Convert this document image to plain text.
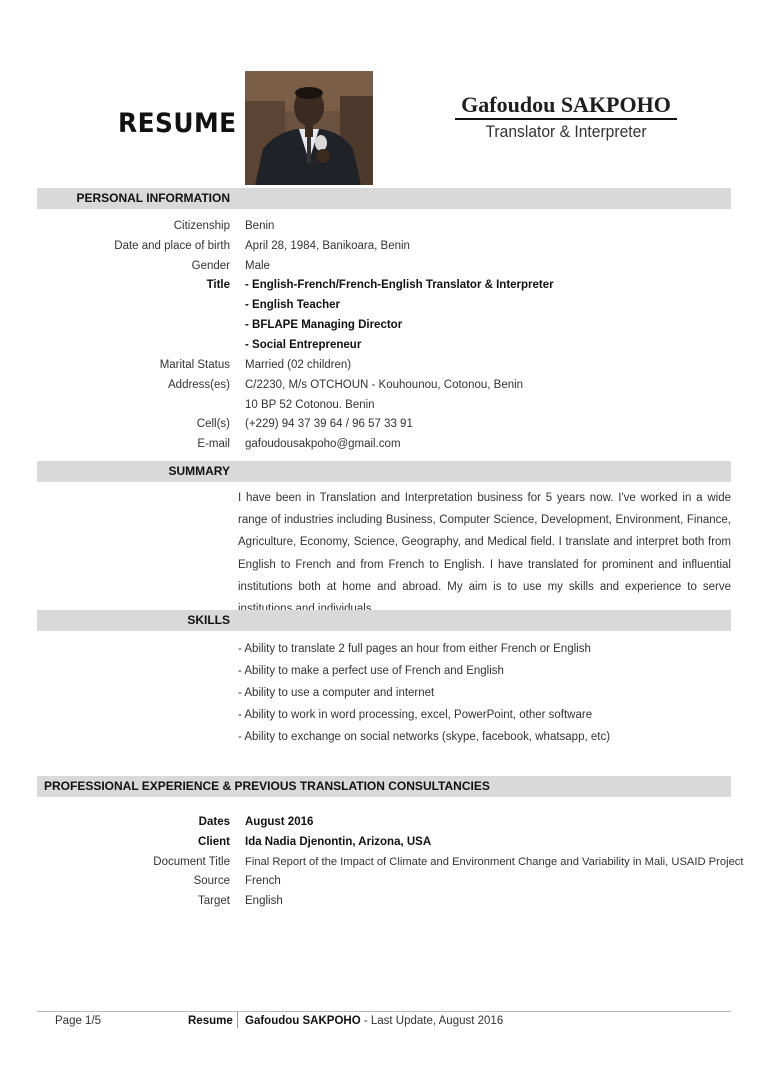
RESUME
Gafoudou SAKPOHO
Translator & Interpreter
PERSONAL INFORMATION
Citizenship Benin
Date and place of birth April 28, 1984, Banikoara, Benin
Gender Male
Title - English-French/French-English Translator & Interpreter
- English Teacher
- BFLAPE Managing Director
- Social Entrepreneur
Marital Status Married (02 children)
Address(es) C/2230, M/s OTCHOUN - Kouhounou, Cotonou, Benin
10 BP 52 Cotonou. Benin
Cell(s) (+229) 94 37 39 64 / 96 57 33 91
E-mail gafoudousakpoho@gmail.com
SUMMARY
I have been in Translation and Interpretation business for 5 years now. I've worked in a wide range of industries including Business, Computer Science, Development, Environment, Finance, Agriculture, Economy, Science, Geography, and Medical field. I translate and interpret both from English to French and from French to English. I have translated for prominent and influential institutions both at home and abroad. My aim is to use my skills and experience to serve
SKILLS
- Ability to translate 2 full pages an hour from either French or English
- Ability to make a perfect use of French and English
- Ability to use a computer and internet
- Ability to work in word processing, excel, PowerPoint, other software
- Ability to exchange on social networks (skype, facebook, whatsapp, etc)
PROFESSIONAL EXPERIENCE & PREVIOUS TRANSLATION CONSULTANCIES
Dates August 2016
Client Ida Nadia Djenontin, Arizona, USA
Document Title Final Report of the Impact of Climate and Environment Change and Variability in Mali, USAID Project
Source French
Target English
Page 1/5	Resume Gafoudou SAKPOHO - Last Update, August 2016
